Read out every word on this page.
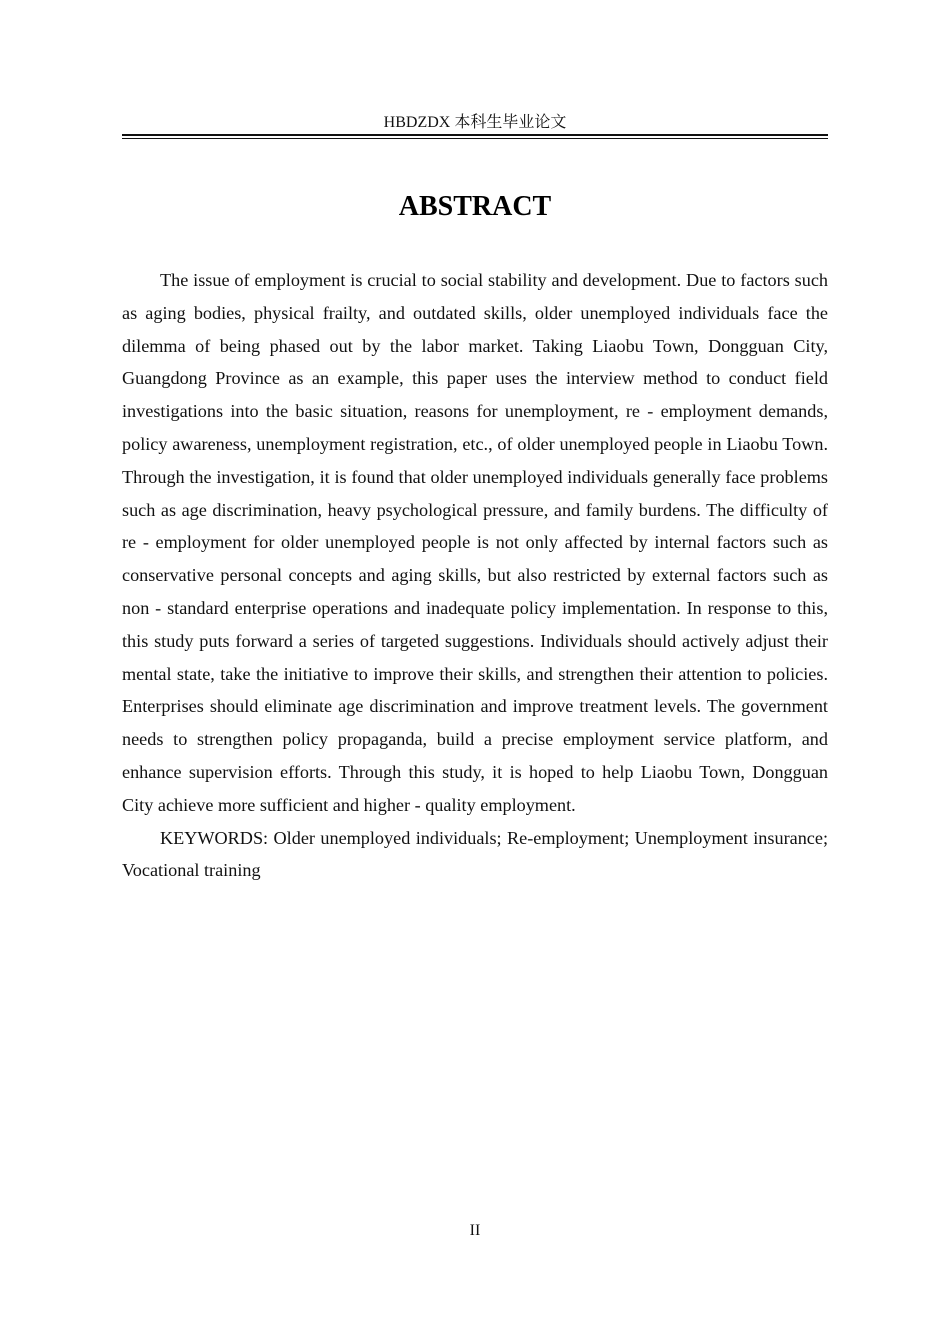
HBDZDX 本科生毕业论文
ABSTRACT

The issue of employment is crucial to social stability and development. Due to factors such as aging bodies, physical frailty, and outdated skills, older unemployed individuals face the dilemma of being phased out by the labor market. Taking Liaobu Town, Dongguan City, Guangdong Province as an example, this paper uses the interview method to conduct field investigations into the basic situation, reasons for unemployment, re - employment demands, policy awareness, unemployment registration, etc., of older unemployed people in Liaobu Town. Through the investigation, it is found that older unemployed individuals generally face problems such as age discrimination, heavy psychological pressure, and family burdens. The difficulty of re - employment for older unemployed people is not only affected by internal factors such as conservative personal concepts and aging skills, but also restricted by external factors such as non - standard enterprise operations and inadequate policy implementation. In response to this, this study puts forward a series of targeted suggestions. Individuals should actively adjust their mental state, take the initiative to improve their skills, and strengthen their attention to policies. Enterprises should eliminate age discrimination and improve treatment levels. The government needs to strengthen policy propaganda, build a precise employment service platform, and enhance supervision efforts. Through this study, it is hoped to help Liaobu Town, Dongguan City achieve more sufficient and higher - quality employment.

KEYWORDS: Older unemployed individuals; Re-employment; Unemployment insurance; Vocational training

II
